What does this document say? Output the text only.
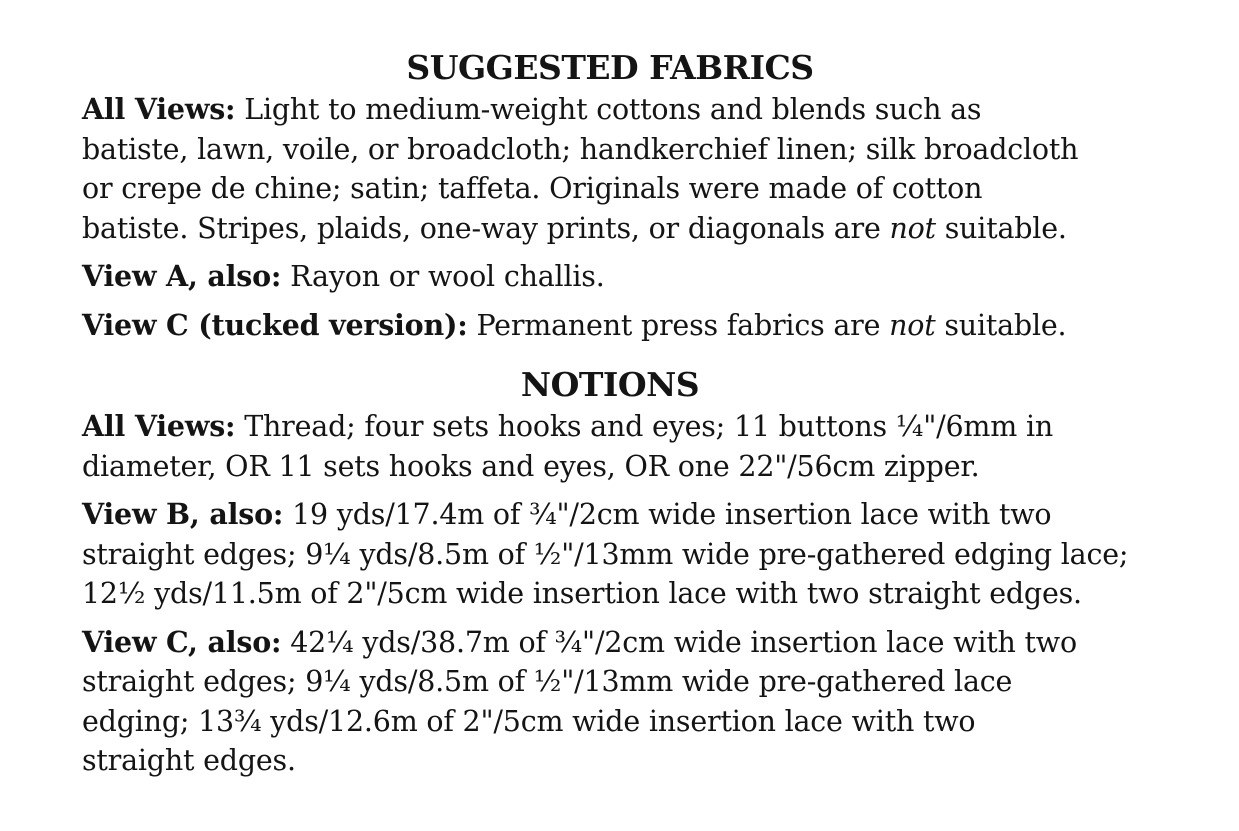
SUGGESTED FABRICS

All Views: Light to medium-weight cottons and blends such as
batiste, lawn, voile, or broadcloth; handkerchief linen; silk broadcloth
or crepe de chine; satin; taffeta. Originals were made of cotton
batiste. Stripes, plaids, one-way prints, or diagonals are not suitable.

View A, also: Rayon or wool challis.

View C (tucked version): Permanent press fabrics are not suitable.

NOTIONS

All Views: Thread; four sets hooks and eyes; 11 buttons ¼"/6mm in
diameter, OR 11 sets hooks and eyes, OR one 22"/56cm zipper.

View B, also: 19 yds/17.4m of ¾"/2cm wide insertion lace with two
straight edges; 9¼ yds/8.5m of ½"/13mm wide pre-gathered edging lace;
12½ yds/11.5m of 2"/5cm wide insertion lace with two straight edges.

View C, also: 42¼ yds/38.7m of ¾"/2cm wide insertion lace with two
straight edges; 9¼ yds/8.5m of ½"/13mm wide pre-gathered lace
edging; 13¾ yds/12.6m of 2"/5cm wide insertion lace with two
straight edges.
